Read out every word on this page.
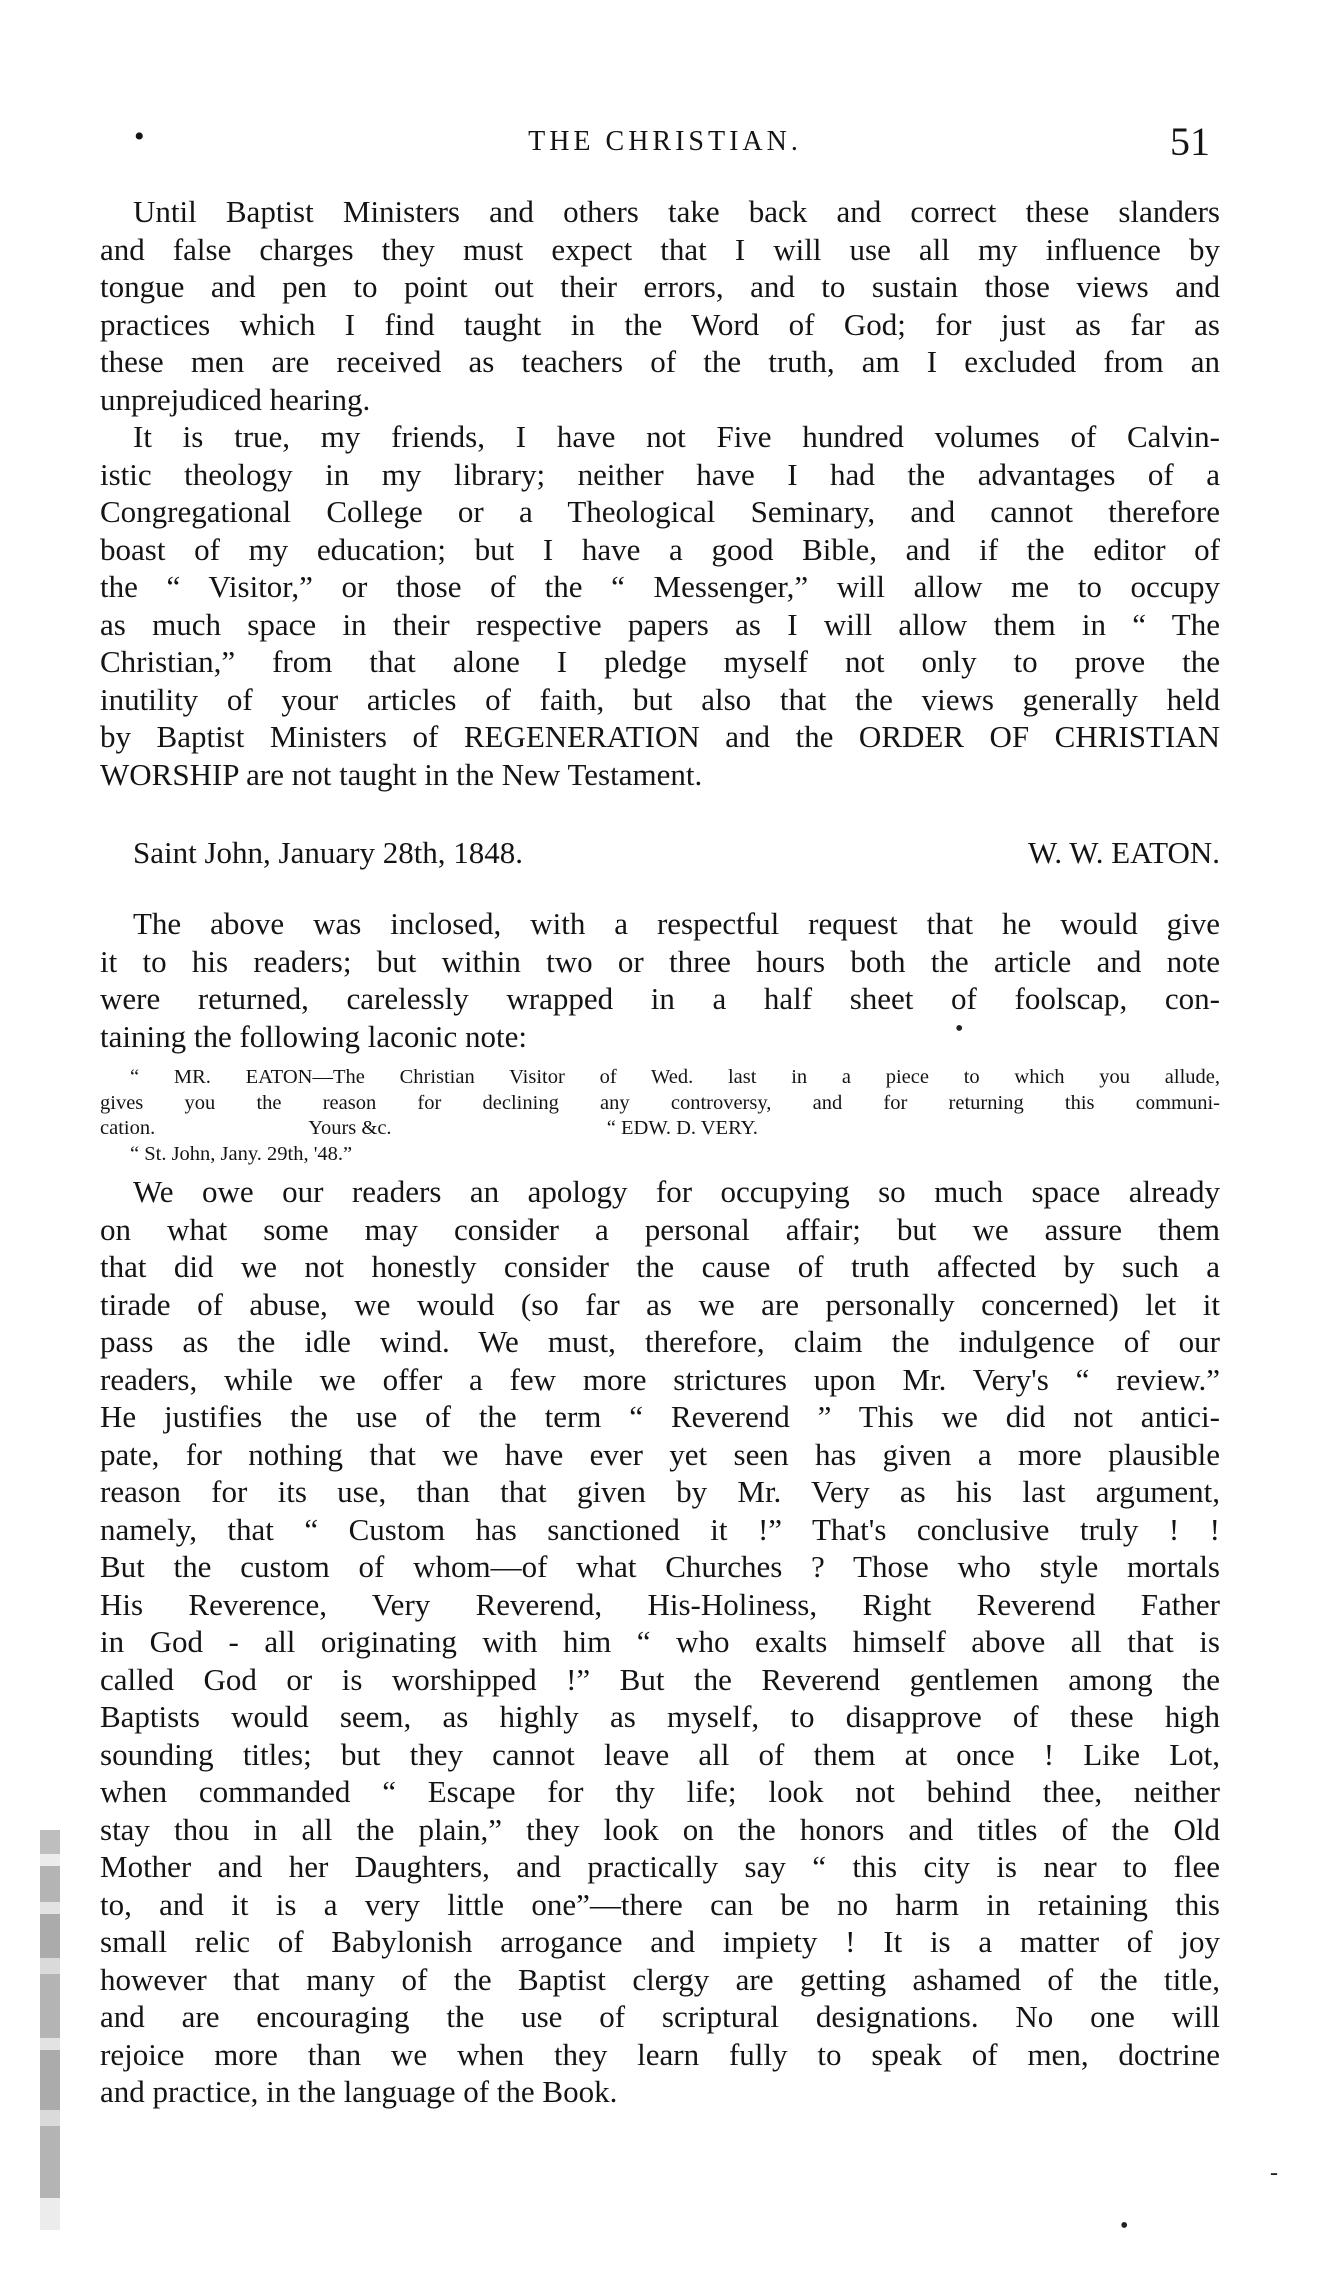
•	THE CHRISTIAN.	51
Until Baptist Ministers and others take back and correct these slanders
and false charges they must expect that I will use all my influence by
tongue and pen to point out their errors, and to sustain those views and
practices which I find taught in the Word of God; for just as far as
these men are received as teachers of the truth, am I excluded from an
unprejudiced hearing.
It is true, my friends, I have not Five hundred volumes of Calvin-
istic theology in my library; neither have I had the advantages of a
Congregational College or a Theological Seminary, and cannot therefore
boast of my education; but I have a good Bible, and if the editor of
the “ Visitor,” or those of the “ Messenger,” will allow me to occupy
as much space in their respective papers as I will allow them in “ The
Christian,” from that alone I pledge myself not only to prove the
inutility of your articles of faith, but also that the views generally held
by Baptist Ministers of REGENERATION and the ORDER OF CHRISTIAN
WORSHIP are not taught in the New Testament.
Saint John, January 28th, 1848.	W. W. EATON.
The above was inclosed, with a respectful request that he would give
it to his readers; but within two or three hours both the article and note
were returned, carelessly wrapped in a half sheet of foolscap, con-
taining the following laconic note:
“ MR. EATON—The Christian Visitor of Wed. last in a piece to which you allude,
gives you the reason for declining any controversy, and for returning this communi-
cation.                              Yours &c.                                          “ EDW. D. VERY.
“ St. John, Jany. 29th, '48.”
We owe our readers an apology for occupying so much space already
on what some may consider a personal affair; but we assure them
that did we not honestly consider the cause of truth affected by such a
tirade of abuse, we would (so far as we are personally concerned) let it
pass as the idle wind. We must, therefore, claim the indulgence of our
readers, while we offer a few more strictures upon Mr. Very's “ review.”
He justifies the use of the term “ Reverend ” This we did not antici-
pate, for nothing that we have ever yet seen has given a more plausible
reason for its use, than that given by Mr. Very as his last argument,
namely, that “ Custom has sanctioned it !” That's conclusive truly ! !
But the custom of whom—of what Churches ? Those who style mortals
His Reverence, Very Reverend, His-Holiness, Right Reverend Father
in God - all originating with him “ who exalts himself above all that is
called God or is worshipped !” But the Reverend gentlemen among the
Baptists would seem, as highly as myself, to disapprove of these high
sounding titles; but they cannot leave all of them at once ! Like Lot,
when commanded “ Escape for thy life; look not behind thee, neither
stay thou in all the plain,” they look on the honors and titles of the Old
Mother and her Daughters, and practically say “ this city is near to flee
to, and it is a very little one”—there can be no harm in retaining this
small relic of Babylonish arrogance and impiety ! It is a matter of joy
however that many of the Baptist clergy are getting ashamed of the title,
and are encouraging the use of scriptural designations. No one will
rejoice more than we when they learn fully to speak of men, doctrine
and practice, in the language of the Book.
•
-
•
